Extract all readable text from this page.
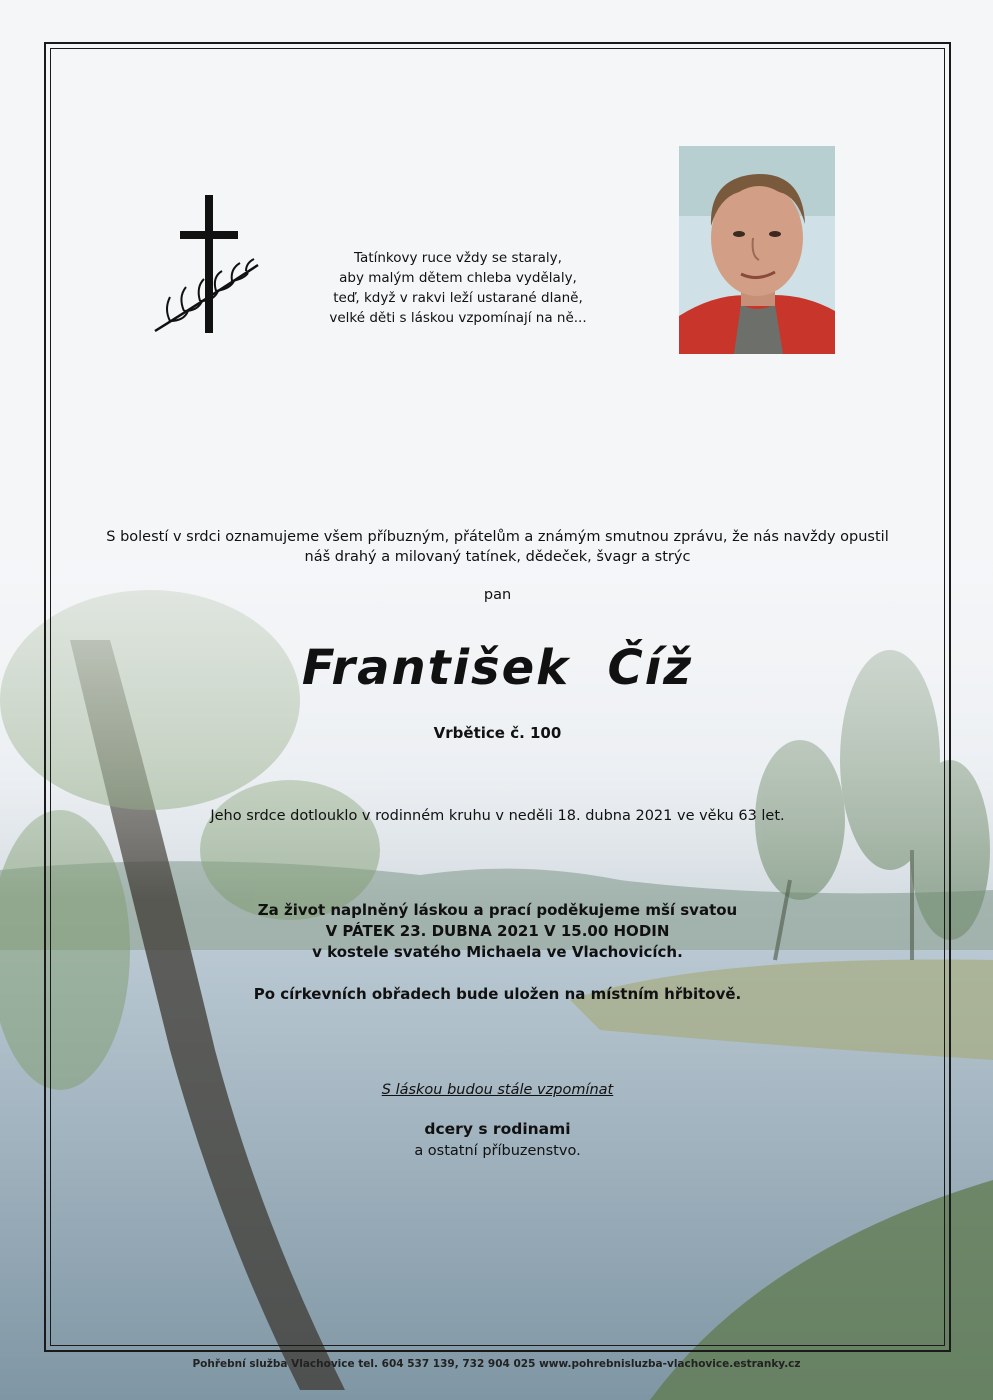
Tatínkovy ruce vždy se staraly,
aby malým dětem chleba vydělaly,
teď, když v rakvi leží ustarané dlaně,
velké děti s láskou vzpomínají na ně...
S bolestí v srdci oznamujeme všem příbuzným, přátelům a známým smutnou zprávu, že nás navždy opustil
náš drahý a milovaný tatínek, dědeček, švagr a strýc
pan
František  Číž
Vrbětice č. 100
Jeho srdce dotlouklo v rodinném kruhu v neděli 18. dubna 2021 ve věku 63 let.
Za život naplněný láskou a prací poděkujeme mší svatou
V PÁTEK 23. DUBNA 2021 V 15.00 HODIN
v kostele svatého Michaela ve Vlachovicích.
Po církevních obřadech bude uložen na místním hřbitově.
S láskou budou stále vzpomínat
dcery s rodinami
a ostatní příbuzenstvo.
Pohřební služba Vlachovice tel. 604 537 139, 732 904 025 www.pohrebnisluzba-vlachovice.estranky.cz
